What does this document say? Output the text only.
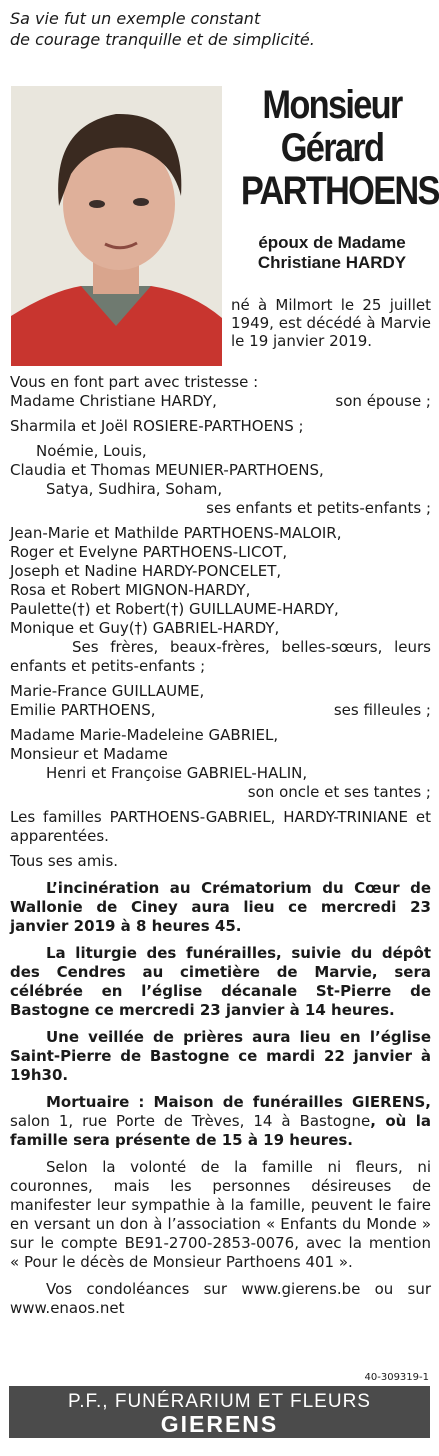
Sa vie fut un exemple constant
de courage tranquille et de simplicité.
Monsieur
Gérard
PARTHOENS
époux de Madame
Christiane HARDY
né à Milmort le 25 juillet 1949, est décédé à Marvie le 19 janvier 2019.
Vous en font part avec tristesse :
Madame Christiane HARDY,	son épouse ;
Sharmila et Joël ROSIERE-PARTHOENS ;
Noémie, Louis,
Claudia et Thomas MEUNIER-PARTHOENS,
Satya, Sudhira, Soham,
ses enfants et petits-enfants ;
Jean-Marie et Mathilde PARTHOENS-MALOIR,
Roger et Evelyne PARTHOENS-LICOT,
Joseph et Nadine HARDY-PONCELET,
Rosa et Robert MIGNON-HARDY,
Paulette(†) et Robert(†) GUILLAUME-HARDY,
Monique et Guy(†) GABRIEL-HARDY,
Ses frères, beaux-frères, belles-sœurs, leurs enfants et petits-enfants ;
Marie-France GUILLAUME,
Emilie PARTHOENS,	ses filleules ;
Madame Marie-Madeleine GABRIEL,
Monsieur et Madame
Henri et Françoise GABRIEL-HALIN,
son oncle et ses tantes ;
Les familles PARTHOENS-GABRIEL, HARDY-TRINIANE et apparentées.
Tous ses amis.
L’incinération au Crématorium du Cœur de Wallonie de Ciney aura lieu ce mercredi 23 janvier 2019 à 8 heures 45.
La liturgie des funérailles, suivie du dépôt des Cendres au cimetière de Marvie, sera célébrée en l’église décanale St-Pierre de Bastogne ce mercredi 23 janvier à 14 heures.
Une veillée de prières aura lieu en l’église Saint-Pierre de Bastogne ce mardi 22 janvier à 19h30.
Mortuaire : Maison de funérailles GIERENS, salon 1, rue Porte de Trèves, 14 à Bastogne, où la famille sera présente de 15 à 19 heures.
Selon la volonté de la famille ni fleurs, ni couronnes, mais les personnes désireuses de manifester leur sympathie à la famille, peuvent le faire en versant un don à l’association « Enfants du Monde » sur le compte BE91-2700-2853-0076, avec la mention « Pour le décès de Monsieur Parthoens 401 ».
Vos condoléances sur www.gierens.be ou sur www.enaos.net
40-309319-1
P.F., FUNÉRARIUM ET FLEURS GIERENS
BASTOGNE - 061 21 24 82 - 061 21 13 87 - WWW.GIERENS.BE
